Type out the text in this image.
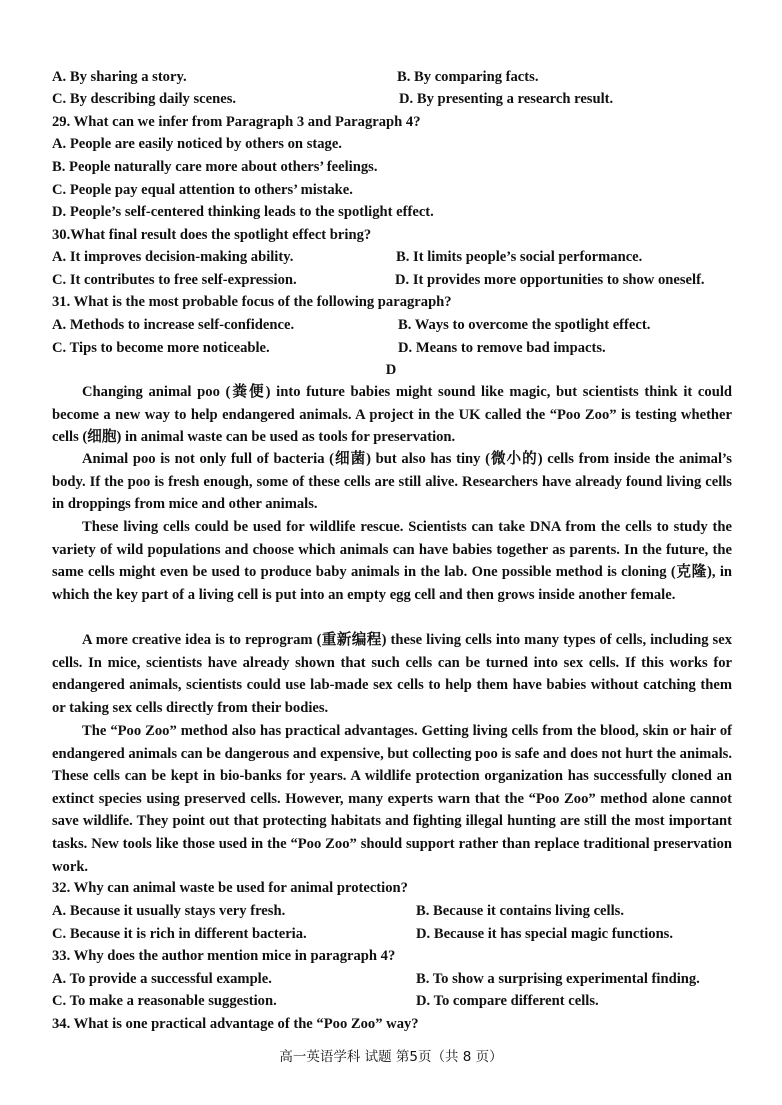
A. By sharing a story.	B. By comparing facts.
C. By describing daily scenes.	D. By presenting a research result.
29. What can we infer from Paragraph 3 and Paragraph 4?
A. People are easily noticed by others on stage.
B. People naturally care more about others’ feelings.
C. People pay equal attention to others’ mistake.
D. People’s self-centered thinking leads to the spotlight effect.
30.What final result does the spotlight effect bring?
A. It improves decision-making ability.	B. It limits people’s social performance.
C. It contributes to free self-expression.	D. It provides more opportunities to show oneself.
31. What is the most probable focus of the following paragraph?
A. Methods to increase self-confidence.	B. Ways to overcome the spotlight effect.
C. Tips to become more noticeable.	D. Means to remove bad impacts.
D

Changing animal poo (粪便) into future babies might sound like magic, but scientists think it could become a new way to help endangered animals. A project in the UK called the “Poo Zoo” is testing whether cells (细胞) in animal waste can be used as tools for preservation.

Animal poo is not only full of bacteria (细菌) but also has tiny (微小的) cells from inside the animal’s body. If the poo is fresh enough, some of these cells are still alive. Researchers have already found living cells in droppings from mice and other animals.

These living cells could be used for wildlife rescue. Scientists can take DNA from the cells to study the variety of wild populations and choose which animals can have babies together as parents. In the future, the same cells might even be used to produce baby animals in the lab. One possible method is cloning (克隆), in which the key part of a living cell is put into an empty egg cell and then grows inside another female.

A more creative idea is to reprogram (重新编程) these living cells into many types of cells, including sex cells. In mice, scientists have already shown that such cells can be turned into sex cells. If this works for endangered animals, scientists could use lab-made sex cells to help them have babies without catching them or taking sex cells directly from their bodies.

The “Poo Zoo” method also has practical advantages. Getting living cells from the blood, skin or hair of endangered animals can be dangerous and expensive, but collecting poo is safe and does not hurt the animals. These cells can be kept in bio-banks for years. A wildlife protection organization has successfully cloned an extinct species using preserved cells. However, many experts warn that the “Poo Zoo” method alone cannot save wildlife. They point out that protecting habitats and fighting illegal hunting are still the most important tasks. New tools like those used in the “Poo Zoo” should support rather than replace traditional preservation work.

32. Why can animal waste be used for animal protection?
A. Because it usually stays very fresh.	B. Because it contains living cells.
C. Because it is rich in different bacteria.	D. Because it has special magic functions.
33. Why does the author mention mice in paragraph 4?
A. To provide a successful example.	B. To show a surprising experimental finding.
C. To make a reasonable suggestion.	D. To compare different cells.
34. What is one practical advantage of the “Poo Zoo” way?
高一英语学科 试题 第5页（共 8 页）
